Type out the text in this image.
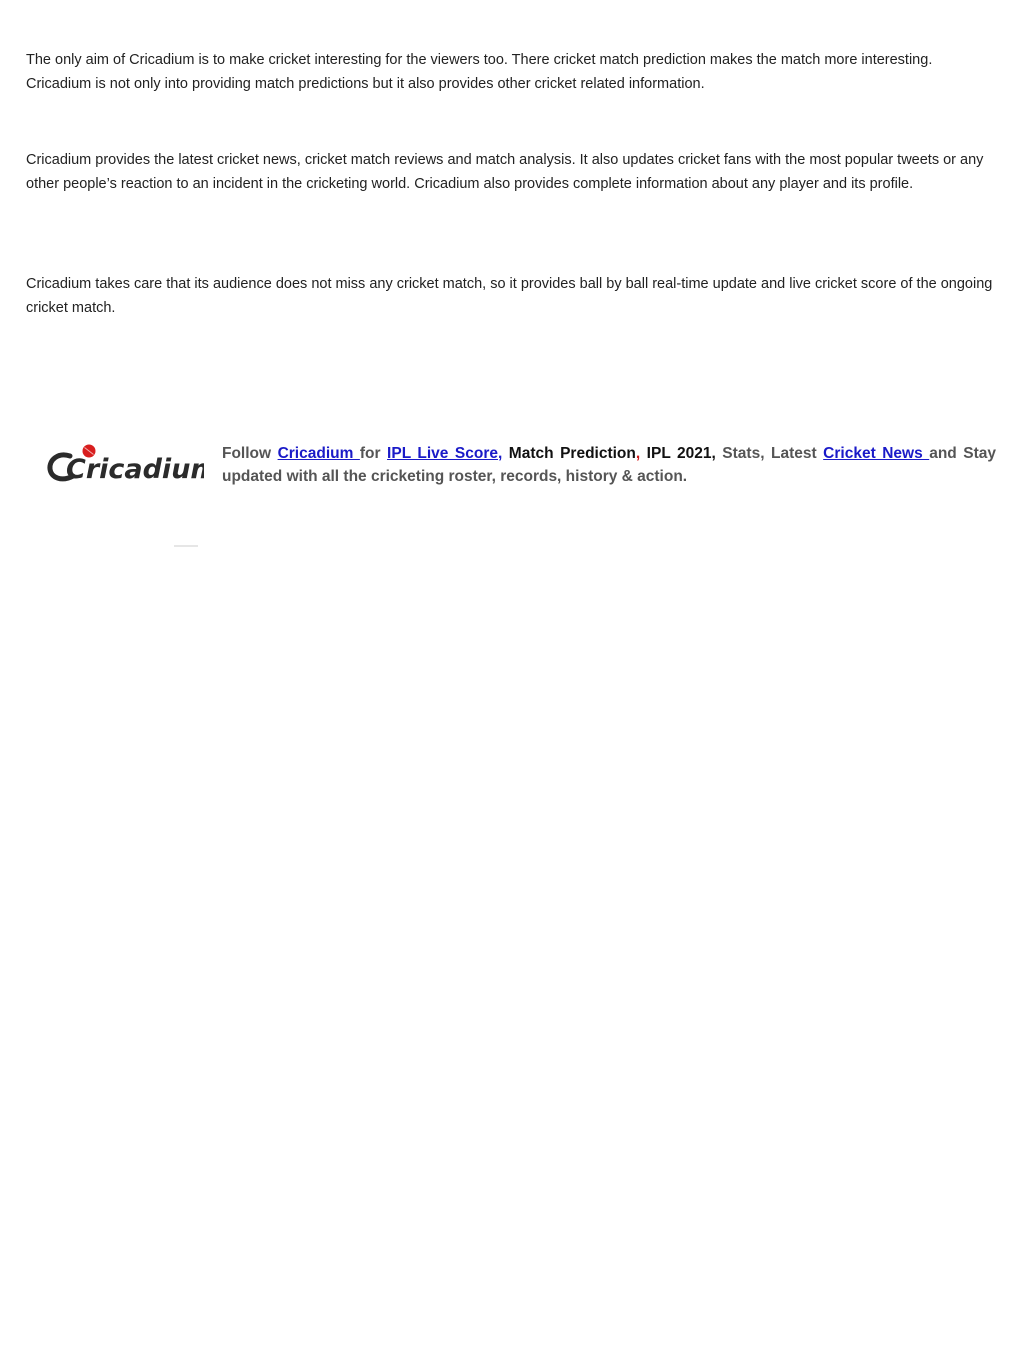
The only aim of Cricadium is to make cricket interesting for the viewers too. There cricket match prediction makes the match more interesting. Cricadium is not only into providing match predictions but it also provides other cricket related information.

Cricadium provides the latest cricket news, cricket match reviews and match analysis. It also updates cricket fans with the most popular tweets or any other people’s reaction to an incident in the cricketing world. Cricadium also provides complete information about any player and its profile.

Cricadium takes care that its audience does not miss any cricket match, so it provides ball by ball real-time update and live cricket score of the ongoing cricket match.

Cricadium

Follow Cricadium for IPL Live Score, Match Prediction, IPL 2021, Stats, Latest Cricket News and Stay updated with all the cricketing roster, records, history & action.
